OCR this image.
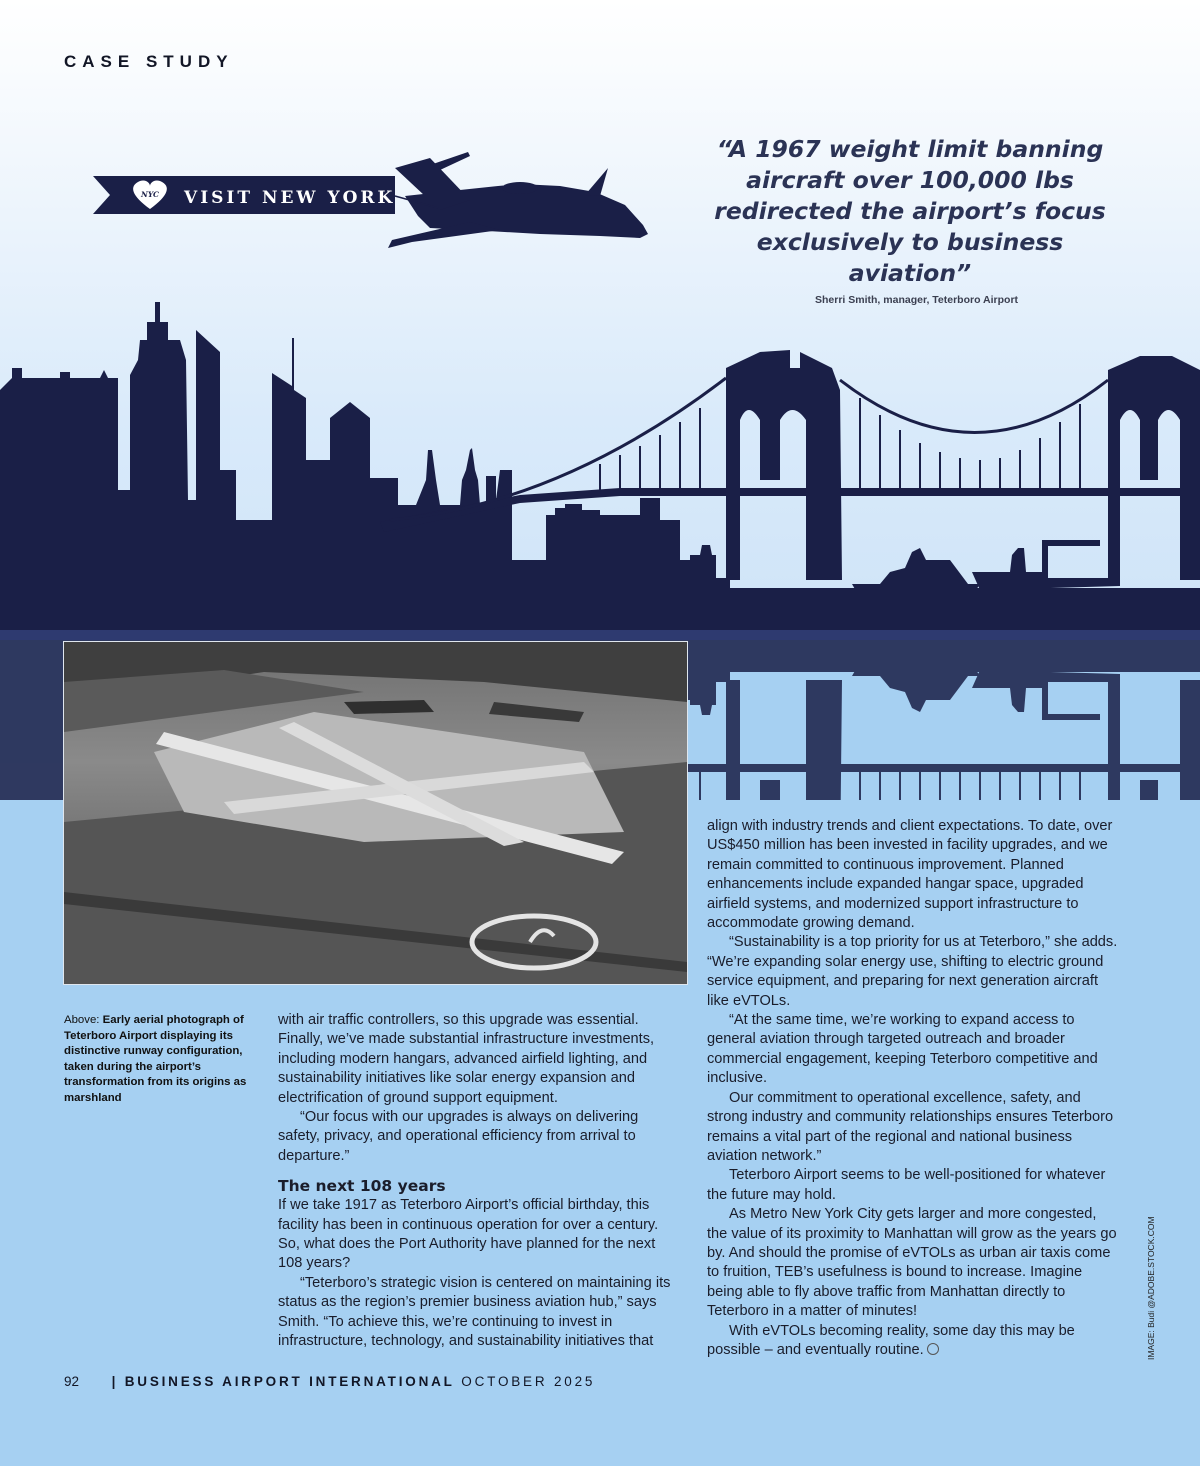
CASE STUDY
NYC VISIT NEW YORK
“A 1967 weight limit banning aircraft over 100,000 lbs redirected the airport’s focus exclusively to business aviation”
Sherri Smith, manager, Teterboro Airport
Above: Early aerial photograph of Teterboro Airport displaying its distinctive runway configuration, taken during the airport’s transformation from its origins as marshland

with air traffic controllers, so this upgrade was essential. Finally, we’ve made substantial infrastructure investments, including modern hangars, advanced airfield lighting, and sustainability initiatives like solar energy expansion and electrification of ground support equipment.

“Our focus with our upgrades is always on delivering safety, privacy, and operational efficiency from arrival to departure.”

The next 108 years

If we take 1917 as Teterboro Airport’s official birthday, this facility has been in continuous operation for over a century. So, what does the Port Authority have planned for the next 108 years?

“Teterboro’s strategic vision is centered on maintaining its status as the region’s premier business aviation hub,” says Smith. “To achieve this, we’re continuing to invest in infrastructure, technology, and sustainability initiatives that

align with industry trends and client expectations. To date, over US$450 million has been invested in facility upgrades, and we remain committed to continuous improvement. Planned enhancements include expanded hangar space, upgraded airfield systems, and modernized support infrastructure to accommodate growing demand.

“Sustainability is a top priority for us at Teterboro,” she adds. “We’re expanding solar energy use, shifting to electric ground service equipment, and preparing for next generation aircraft like eVTOLs.

“At the same time, we’re working to expand access to general aviation through targeted outreach and broader commercial engagement, keeping Teterboro competitive and inclusive.

Our commitment to operational excellence, safety, and strong industry and community relationships ensures Teterboro remains a vital part of the regional and national business aviation network.”

Teterboro Airport seems to be well-positioned for whatever the future may hold.

As Metro New York City gets larger and more congested, the value of its proximity to Manhattan will grow as the years go by. And should the promise of eVTOLs as urban air taxis come to fruition, TEB’s usefulness is bound to increase. Imagine being able to fly above traffic from Manhattan directly to Teterboro in a matter of minutes!

With eVTOLs becoming reality, some day this may be possible – and eventually routine.	IMAGE: Budi @ADOBE.STOCK.COM
92 | BUSINESS AIRPORT INTERNATIONAL OCTOBER 2025
